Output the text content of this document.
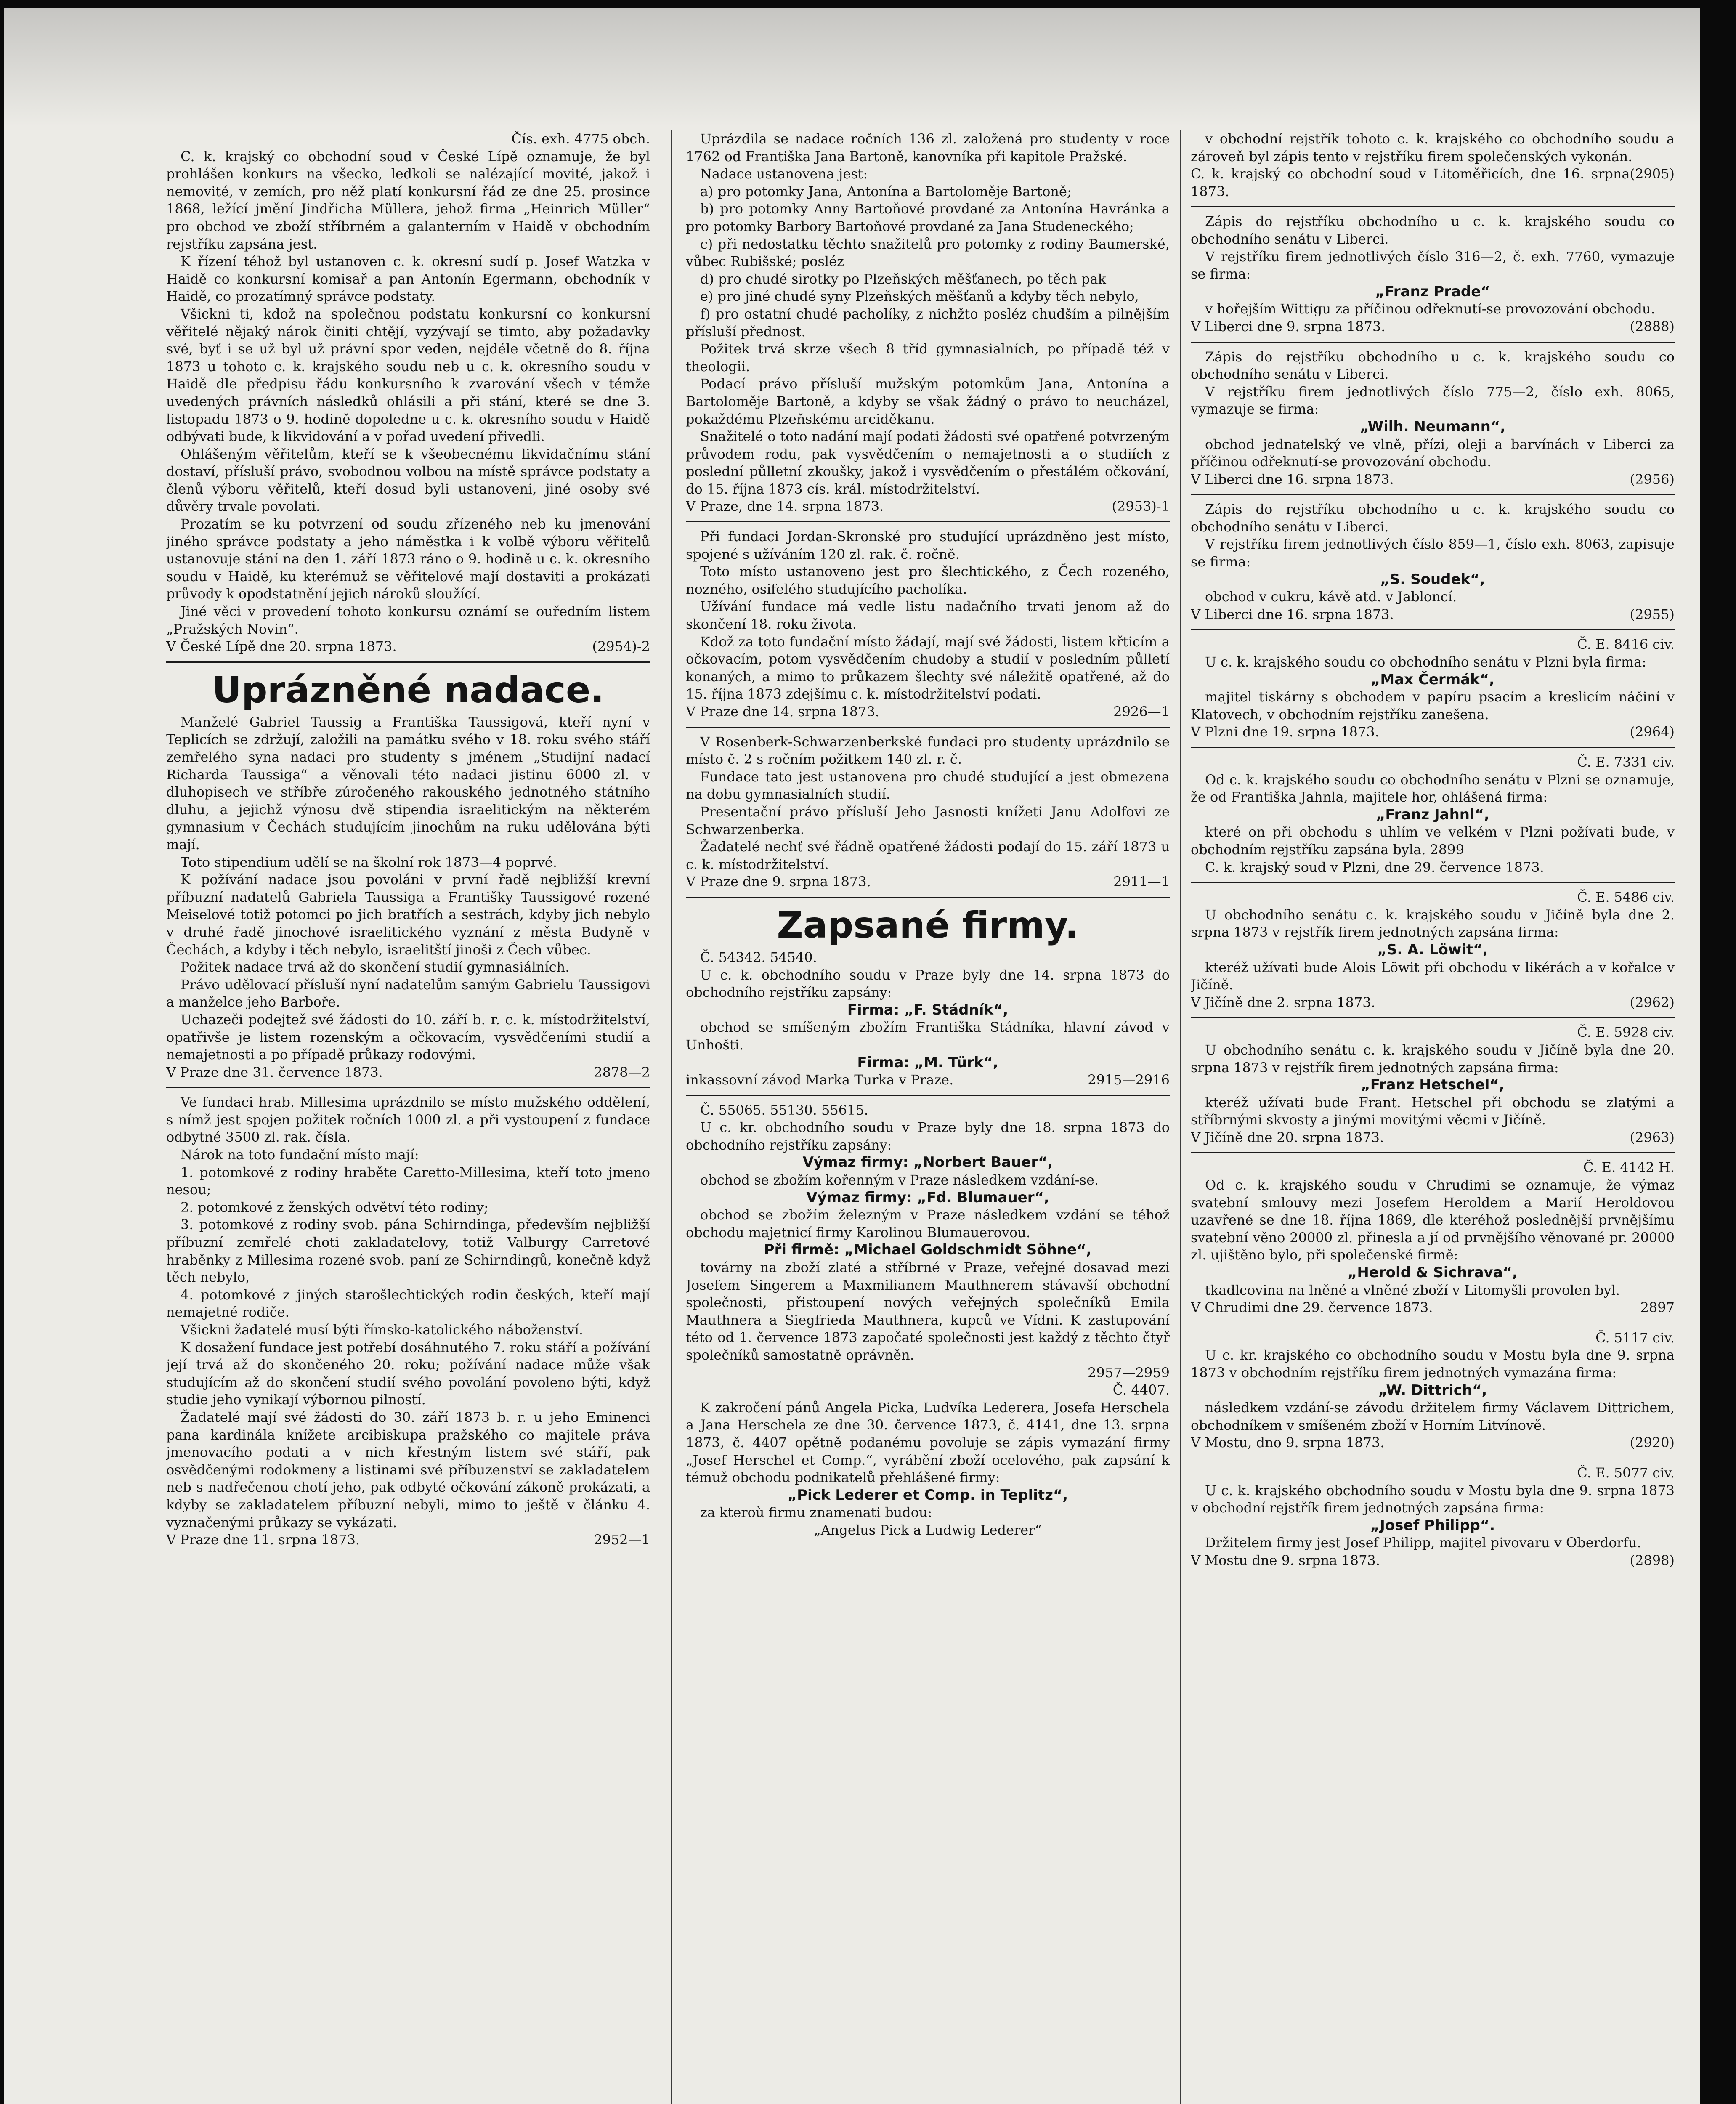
Čís. exh. 4775 obch.

C. k. krajský co obchodní soud v České Lípě oznamuje, že byl prohlášen konkurs na všecko, ledkoli se nalézající movité, jakož i nemovité, v zemích, pro něž platí konkursní řád ze dne 25. prosince 1868, ležící jmění Jindřicha Müllera, jehož firma „Heinrich Müller“ pro obchod ve zboží stříbrném a galanterním v Haidě v obchodním rejstříku zapsána jest.

K řízení téhož byl ustanoven c. k. okresní sudí p. Josef Watzka v Haidě co konkursní komisař a pan Antonín Egermann, obchodník v Haidě, co prozatímný správce podstaty.

Všickni ti, kdož na společnou podstatu konkursní co konkursní věřitelé nějaký nárok činiti chtějí, vyzývají se timto, aby požadavky své, byť i se už byl už právní spor veden, nejdéle včetně do 8. října 1873 u tohoto c. k. krajského soudu neb u c. k. okresního soudu v Haidě dle předpisu řádu konkursního k zvarování všech v témže uvedených právních následků ohlásili a při stání, které se dne 3. listopadu 1873 o 9. hodině dopoledne u c. k. okresního soudu v Haidě odbývati bude, k likvidování a v pořad uvedení přivedli.

Ohlášeným věřitelům, kteří se k všeobecnému likvidačnímu stání dostaví, přísluší právo, svobodnou volbou na místě správce podstaty a členů výboru věřitelů, kteří dosud byli ustanoveni, jiné osoby své důvěry trvale povolati.

Prozatím se ku potvrzení od soudu zřízeného neb ku jmenování jiného správce podstaty a jeho náměstka i k volbě výboru věřitelů ustanovuje stání na den 1. září 1873 ráno o 9. hodině u c. k. okresního soudu v Haidě, ku kterémuž se věřitelové mají dostaviti a prokázati průvody k opodstatnění jejich nároků sloužící.

Jiné věci v provedení tohoto konkursu oznámí se ouředním listem „Pražských Novin“.

V České Lípě dne 20. srpna 1873.	(2954)-2
Uprázněné nadace.

Manželé Gabriel Taussig a Františka Taussigová, kteří nyní v Teplicích se zdržují, založili na památku svého v 18. roku svého stáří zemřelého syna nadaci pro studenty s jménem „Studijní nadací Richarda Taussiga“ a věnovali této nadaci jistinu 6000 zl. v dluhopisech ve stříbře zúročeného rakouského jednotného státního dluhu, a jejichž výnosu dvě stipendia israelitickým na některém gymnasium v Čechách studujícím jinochům na ruku udělována býti mají.

Toto stipendium udělí se na školní rok 1873—4 poprvé.

K požívání nadace jsou povoláni v první řadě nejbližší krevní příbuzní nadatelů Gabriela Taussiga a Františky Taussigové rozené Meiselové totiž potomci po jich bratřích a sestrách, kdyby jich nebylo v druhé řadě jinochové israelitického vyznání z města Budyně v Čechách, a kdyby i těch nebylo, israelitští jinoši z Čech vůbec.

Požitek nadace trvá až do skončení studií gymnasiálních.

Právo udělovací přísluší nyní nadatelům samým Gabrielu Taussigovi a manželce jeho Barboře.

Uchazeči podejtež své žádosti do 10. září b. r. c. k. místodržitelství, opatřivše je listem rozenským a očkovacím, vysvědčeními studií a nemajetnosti a po případě průkazy rodovými.

V Praze dne 31. července 1873.	2878—2

Ve fundaci hrab. Millesima uprázdnilo se místo mužského oddělení, s nímž jest spojen požitek ročních 1000 zl. a při vystoupení z fundace odbytné 3500 zl. rak. čísla.

Nárok na toto fundační místo mají:

1. potomkové z rodiny hraběte Caretto-Millesima, kteří toto jmeno nesou;

2. potomkové z ženských odvětví této rodiny;

3. potomkové z rodiny svob. pána Schirndinga, především nejbližší příbuzní zemřelé choti zakladatelovy, totiž Valburgy Carretové hraběnky z Millesima rozené svob. paní ze Schirndingů, konečně když těch nebylo,

4. potomkové z jiných starošlechtických rodin českých, kteří mají nemajetné rodiče.

Všickni žadatelé musí býti římsko-katolického náboženství.

K dosažení fundace jest potřebí dosáhnutého 7. roku stáří a požívání její trvá až do skončeného 20. roku; požívání nadace může však studujícím až do skončení studií svého povolání povoleno býti, když studie jeho vynikají výbornou pilností.

Žadatelé mají své žádosti do 30. září 1873 b. r. u jeho Eminenci pana kardinála knížete arcibiskupa pražského co majitele práva jmenovacího podati a v nich křestným listem své stáří, pak osvědčenými rodokmeny a listinami své příbuzenství se zakladatelem neb s nadřečenou chotí jeho, pak odbyté očkování zákoně prokázati, a kdyby se zakladatelem příbuzní nebyli, mimo to ještě v článku 4. vyznačenými průkazy se vykázati.

V Praze dne 11. srpna 1873.	2952—1

Uprázdila se nadace ročních 136 zl. založená pro studenty v roce 1762 od Františka Jana Bartoně, kanovníka při kapitole Pražské.

Nadace ustanovena jest:

a) pro potomky Jana, Antonína a Bartoloměje Bartoně;

b) pro potomky Anny Bartoňové provdané za Antonína Havránka a pro potomky Barbory Bartoňové provdané za Jana Studeneckého;

c) při nedostatku těchto snažitelů pro potomky z rodiny Baumerské, vůbec Rubišské; posléz

d) pro chudé sirotky po Plzeňských měšťanech, po těch pak

e) pro jiné chudé syny Plzeňských měšťanů a kdyby těch nebylo,

f) pro ostatní chudé pacholíky, z nichžto posléz chudším a pilnějším přísluší přednost.

Požitek trvá skrze všech 8 tříd gymnasialních, po případě též v theologii.

Podací právo přísluší mužským potomkům Jana, Antonína a Bartoloměje Bartoně, a kdyby se však žádný o právo to neucházel, pokaždému Plzeňskému arciděkanu.

Snažitelé o toto nadání mají podati žádosti své opatřené potvrzeným průvodem rodu, pak vysvědčením o nemajetnosti a o studiích z poslední půlletní zkoušky, jakož i vysvědčením o přestálém očkování, do 15. října 1873 cís. král. místodržitelství.

V Praze, dne 14. srpna 1873.	(2953)-1

Při fundaci Jordan-Skronské pro studující uprázdněno jest místo, spojené s užíváním 120 zl. rak. č. ročně.

Toto místo ustanoveno jest pro šlechtického, z Čech rozeného, nozného, osifelého studujícího pacholíka.

Užívání fundace má vedle listu nadačního trvati jenom až do skončení 18. roku života.

Kdož za toto fundační místo žádají, mají své žádosti, listem křticím a očkovacím, potom vysvědčením chudoby a studií v posledním půlletí konaných, a mimo to průkazem šlechty své náležitě opatřené, až do 15. října 1873 zdejšímu c. k. místodržitelství podati.

V Praze dne 14. srpna 1873.	2926—1

V Rosenberk-Schwarzenberkské fundaci pro studenty uprázdnilo se místo č. 2 s ročním požitkem 140 zl. r. č.

Fundace tato jest ustanovena pro chudé studující a jest obmezena na dobu gymnasialních studií.

Presentační právo přísluší Jeho Jasnosti knížeti Janu Adolfovi ze Schwarzenberka.

Žadatelé nechť své řádně opatřené žádosti podají do 15. září 1873 u c. k. místodržitelství.

V Praze dne 9. srpna 1873.	2911—1
Zapsané firmy.

Č. 54342. 54540.

U c. k. obchodního soudu v Praze byly dne 14. srpna 1873 do obchodního rejstříku zapsány:

Firma: „F. Stádník“,

obchod se smíšeným zbožím Františka Stádníka, hlavní závod v Unhošti.

Firma: „M. Türk“,

inkassovní závod Marka Turka v Praze.	2915—2916

Č. 55065. 55130. 55615.

U c. kr. obchodního soudu v Praze byly dne 18. srpna 1873 do obchodního rejstříku zapsány:

Výmaz firmy: „Norbert Bauer“,

obchod se zbožím kořenným v Praze následkem vzdání-se.

Výmaz firmy: „Fd. Blumauer“,

obchod se zbožím železným v Praze následkem vzdání se téhož obchodu majetnicí firmy Karolinou Blumauerovou.

Při firmě: „Michael Goldschmidt Söhne“,

továrny na zboží zlaté a stříbrné v Praze, veřejné dosavad mezi Josefem Singerem a Maxmilianem Mauthnerem stávavší obchodní společnosti, přistoupení nových veřejných společníků Emila Mauthnera a Siegfrieda Mauthnera, kupců ve Vídni. K zastupování této od 1. července 1873 započaté společnosti jest každý z těchto čtyř společníků samostatně oprávněn.

2957—2959

Č. 4407.

K zakročení pánů Angela Picka, Ludvíka Lederera, Josefa Herschela a Jana Herschela ze dne 30. července 1873, č. 4141, dne 13. srpna 1873, č. 4407 opětně podanému povoluje se zápis vymazání firmy „Josef Herschel et Comp.“, vyrábění zboží ocelového, pak zapsání k témuž obchodu podnikatelů přehlášené firmy:

„Pick Lederer et Comp. in Teplitz“,

za kteroù firmu znamenati budou:

„Angelus Pick a Ludwig Lederer“

v obchodní rejstřík tohoto c. k. krajského co obchodního soudu a zároveň byl zápis tento v rejstříku firem společenských vykonán.

C. k. krajský co obchodní soud v Litoměřicích, dne 16. srpna 1873.
(2905)

Zápis do rejstříku obchodního u c. k. krajského soudu co obchodního senátu v Liberci.

V rejstříku firem jednotlivých číslo 316—2, č. exh. 7760, vymazuje se firma:

„Franz Prade“

v hořejším Wittigu za příčinou odřeknutí-se provozování obchodu.

V Liberci dne 9. srpna 1873.	(2888)

Zápis do rejstříku obchodního u c. k. krajského soudu co obchodního senátu v Liberci.

V rejstříku firem jednotlivých číslo 775—2, číslo exh. 8065, vymazuje se firma:

„Wilh. Neumann“,

obchod jednatelský ve vlně, přízi, oleji a barvínách v Liberci za příčinou odřeknutí-se provozování obchodu.

V Liberci dne 16. srpna 1873.	(2956)

Zápis do rejstříku obchodního u c. k. krajského soudu co obchodního senátu v Liberci.

V rejstříku firem jednotlivých číslo 859—1, číslo exh. 8063, zapisuje se firma:

„S. Soudek“,

obchod v cukru, kávě atd. v Jabloncí.

V Liberci dne 16. srpna 1873.	(2955)

Č. E. 8416 civ.

U c. k. krajského soudu co obchodního senátu v Plzni byla firma:

„Max Čermák“,

majitel tiskárny s obchodem v papíru psacím a kreslicím náčiní v Klatovech, v obchodním rejstříku zanešena.

V Plzni dne 19. srpna 1873.	(2964)

Č. E. 7331 civ.

Od c. k. krajského soudu co obchodního senátu v Plzni se oznamuje, že od Františka Jahnla, majitele hor, ohlášená firma:

„Franz Jahnl“,

které on při obchodu s uhlím ve velkém v Plzni požívati bude, v obchodním rejstříku zapsána byla. 2899

C. k. krajský soud v Plzni, dne 29. července 1873.

Č. E. 5486 civ.

U obchodního senátu c. k. krajského soudu v Jičíně byla dne 2. srpna 1873 v rejstřík firem jednotných zapsána firma:

„S. A. Löwit“,

kteréž užívati bude Alois Löwit při obchodu v likérách a v kořalce v Jičíně.

V Jičíně dne 2. srpna 1873.	(2962)

Č. E. 5928 civ.

U obchodního senátu c. k. krajského soudu v Jičíně byla dne 20. srpna 1873 v rejstřík firem jednotných zapsána firma:

„Franz Hetschel“,

kteréž užívati bude Frant. Hetschel při obchodu se zlatými a stříbrnými skvosty a jinými movitými věcmi v Jičíně.

V Jičíně dne 20. srpna 1873.	(2963)

Č. E. 4142 H.

Od c. k. krajského soudu v Chrudimi se oznamuje, že výmaz svatební smlouvy mezi Josefem Heroldem a Marií Heroldovou uzavřené se dne 18. října 1869, dle kteréhož poslednější prvnějšímu svatební věno 20000 zl. přinesla a jí od prvnějšího věnované pr. 20000 zl. ujištěno bylo, při společenské firmě:

„Herold & Sichrava“,

tkadlcovina na lněné a vlněné zboží v Litomyšli provolen byl.

V Chrudimi dne 29. července 1873.	2897

Č. 5117 civ.

U c. kr. krajského co obchodního soudu v Mostu byla dne 9. srpna 1873 v obchodním rejstříku firem jednotných vymazána firma:

„W. Dittrich“,

následkem vzdání-se závodu držitelem firmy Václavem Dittrichem, obchodníkem v smíšeném zboží v Horním Litvínově.

V Mostu, dno 9. srpna 1873.	(2920)

Č. E. 5077 civ.

U c. k. krajského obchodního soudu v Mostu byla dne 9. srpna 1873 v obchodní rejstřík firem jednotných zapsána firma:

„Josef Philipp“.

Držitelem firmy jest Josef Philipp, majitel pivovaru v Oberdorfu.

V Mostu dne 9. srpna 1873.	(2898)
